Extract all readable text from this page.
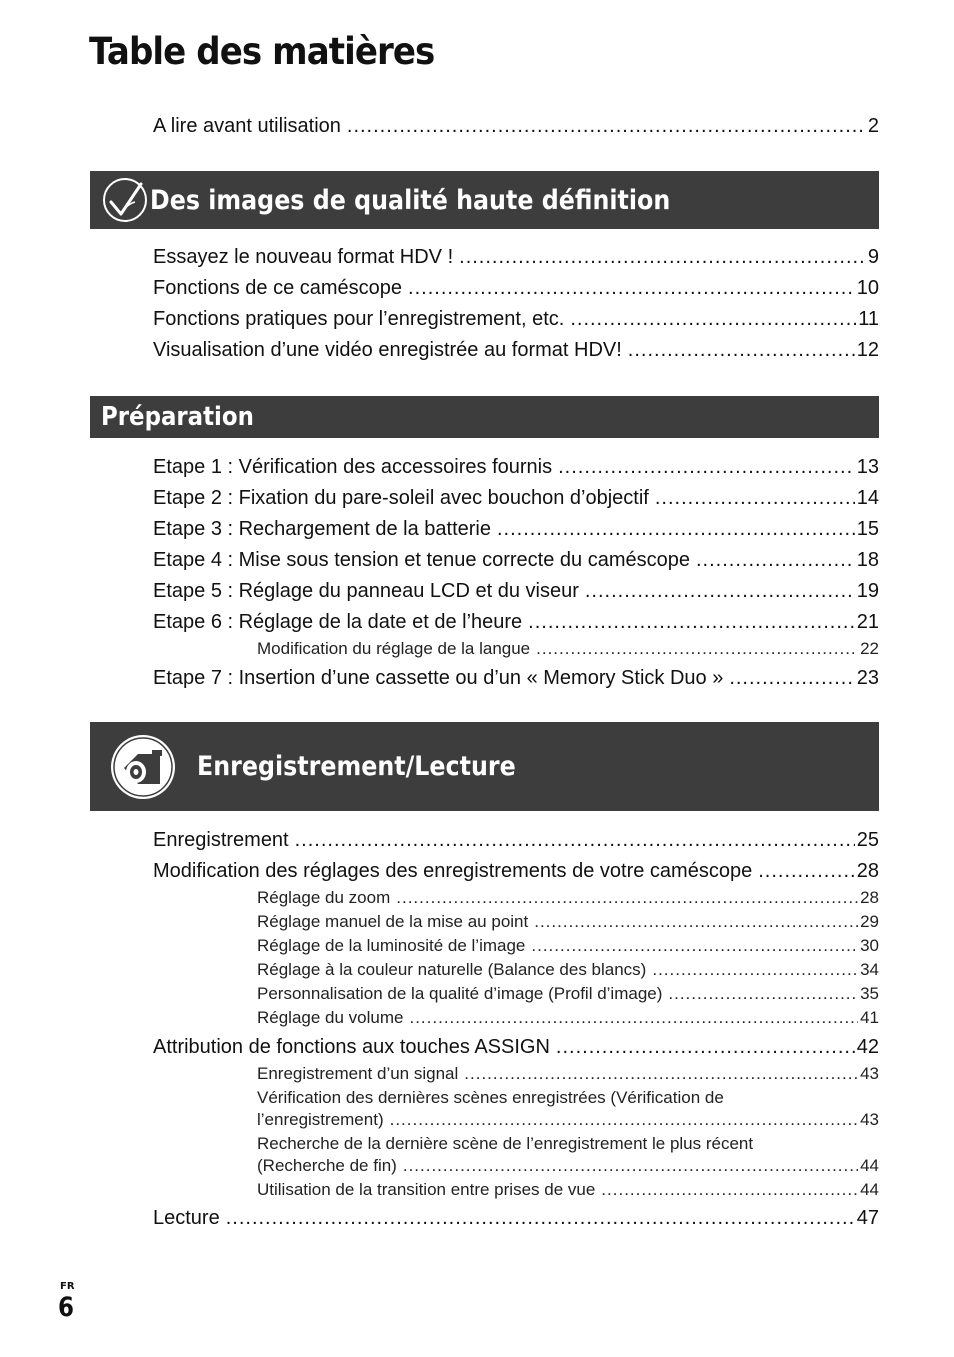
Table des matières
A lire avant utilisation .....	2
Des images de qualité haute définition
Essayez le nouveau format HDV ! .....	9
Fonctions de ce caméscope .....	10
Fonctions pratiques pour l’enregistrement, etc. .....	11
Visualisation d’une vidéo enregistrée au format HDV! .....	12
Préparation
Etape 1 : Vérification des accessoires fournis .....	13
Etape 2 : Fixation du pare-soleil avec bouchon d’objectif .....	14
Etape 3 : Rechargement de la batterie .....	15
Etape 4 : Mise sous tension et tenue correcte du caméscope .....	18
Etape 5 : Réglage du panneau LCD et du viseur .....	19
Etape 6 : Réglage de la date et de l’heure .....	21
Modification du réglage de la langue .....	22
Etape 7 : Insertion d’une cassette ou d’un « Memory Stick Duo » .....	23
Enregistrement/Lecture
Enregistrement .....	25
Modification des réglages des enregistrements de votre caméscope .....	28
Réglage du zoom .....	28
Réglage manuel de la mise au point .....	29
Réglage de la luminosité de l’image .....	30
Réglage à la couleur naturelle (Balance des blancs) .....	34
Personnalisation de la qualité d’image (Profil d’image) .....	35
Réglage du volume .....	41
Attribution de fonctions aux touches ASSIGN .....	42
Enregistrement d’un signal .....	43
Vérification des dernières scènes enregistrées (Vérification de
l’enregistrement) .....	43
Recherche de la dernière scène de l’enregistrement le plus récent
(Recherche de fin) .....	44
Utilisation de la transition entre prises de vue .....	44
Lecture .....	47
FR
6
